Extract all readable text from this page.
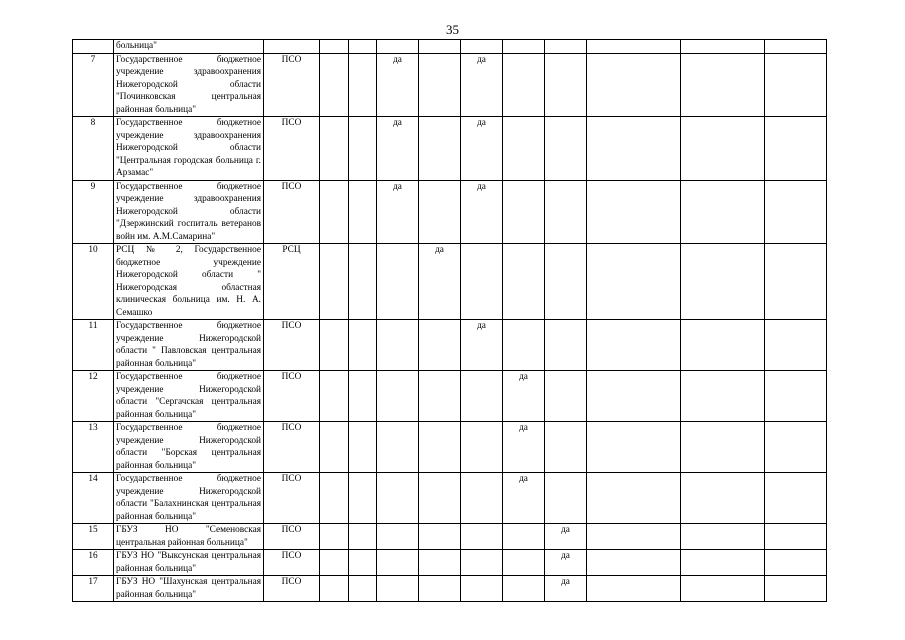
35
	больница"											
7	Государственное бюджетное учреждение здравоохранения Нижегородской области "Починковская центральная районная больница"	ПСО			да		да					
8	Государственное бюджетное учреждение здравоохранения Нижегородской области "Центральная городская больница г. Арзамас"	ПСО			да		да					
9	Государственное бюджетное учреждение здравоохранения Нижегородской области "Дзержинский госпиталь ветеранов войн им. А.М.Самарина"	ПСО			да		да					
10	РСЦ № 2, Государственное бюджетное учреждение Нижегородской области " Нижегородская областная клиническая больница им. Н. А. Семашко	РСЦ				да						
11	Государственное бюджетное учреждение Нижегородской области " Павловская центральная районная больница"	ПСО					да					
12	Государственное бюджетное учреждение Нижегородской области "Сергачская центральная районная больница"	ПСО						да				
13	Государственное бюджетное учреждение Нижегородской области "Борская центральная районная больница"	ПСО						да				
14	Государственное бюджетное учреждение Нижегородской области "Балахнинская центральная районная больница"	ПСО						да				
15	ГБУЗ НО "Семеновская центральная районная больница"	ПСО							да			
16	ГБУЗ НО "Выксунская центральная районная больница"	ПСО							да			
17	ГБУЗ НО "Шахунская центральная районная больница"	ПСО							да			
